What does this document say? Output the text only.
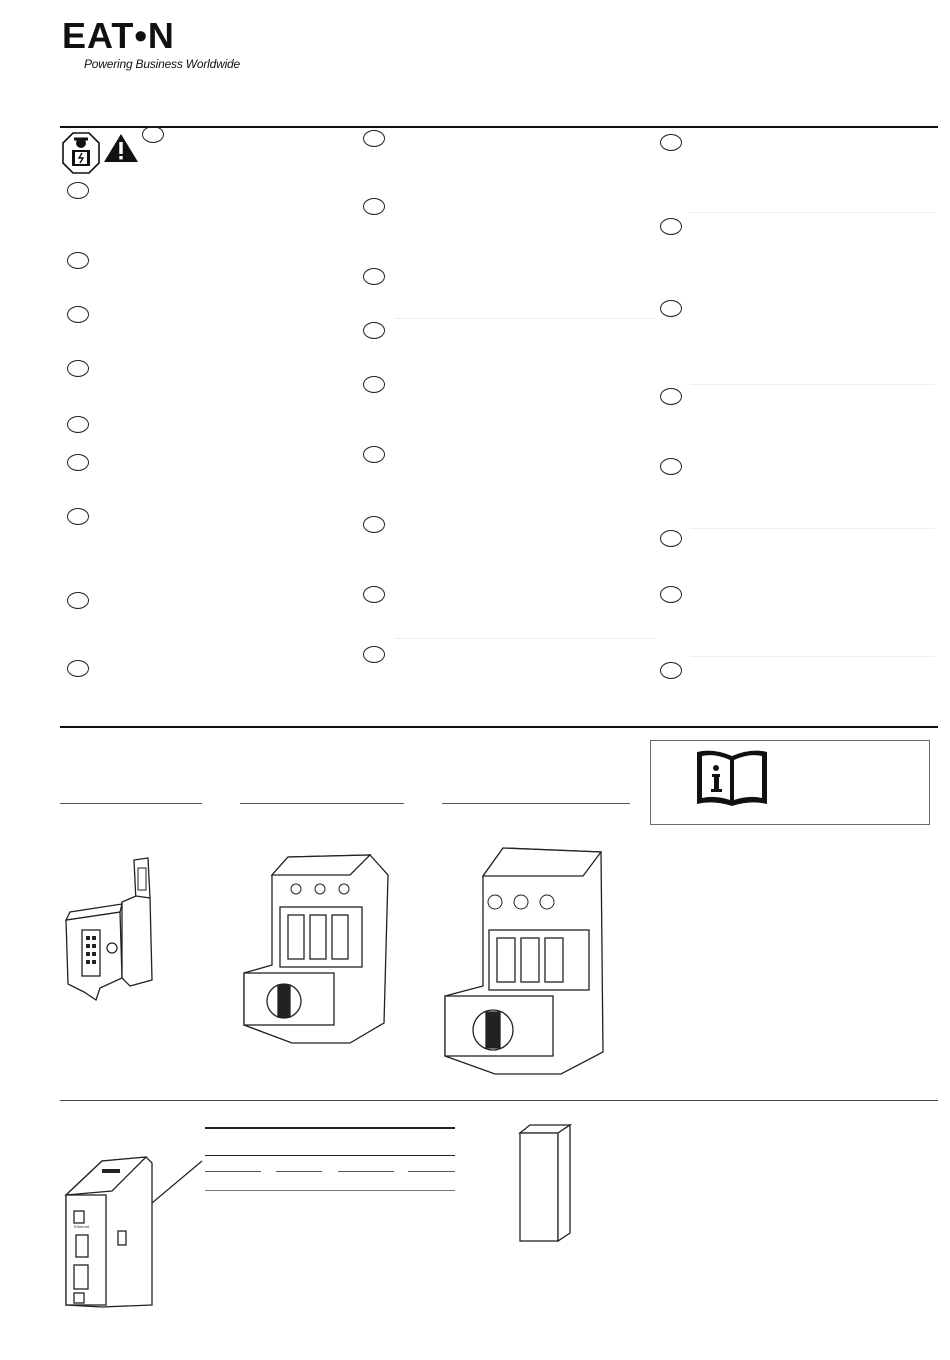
EAT•N
Powering Business Worldwide
Ethernet
